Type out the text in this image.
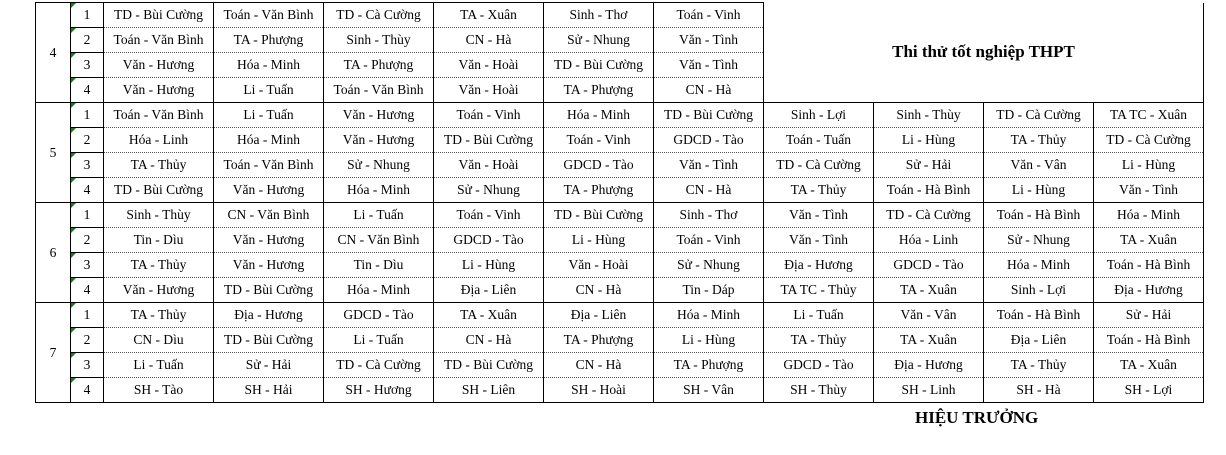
4	1	TD - Bùi Cường	Toán - Văn Bình	TD - Cà Cường	TA - Xuân	Sinh - Thơ	Toán - Vinh	Thi thử tốt nghiệp THPT			

2	Toán - Văn Bình	TA - Phượng	Sinh - Thùy	CN - Hà	Sử - Nhung	Văn - Tình				

3	Văn - Hương	Hóa - Minh	TA - Phượng	Văn - Hoài	TD - Bùi Cường	Văn - Tình				

4	Văn - Hương	Li - Tuấn	Toán - Văn Bình	Văn - Hoài	TA - Phượng	CN - Hà				
5	1	Toán - Văn Bình	Li - Tuấn	Văn - Hương	Toán - Vinh	Hóa - Minh	TD - Bùi Cường	Sinh - Lợi	Sinh - Thùy	TD - Cà Cường	TA TC - Xuân

2	Hóa - Linh	Hóa - Minh	Văn - Hương	TD - Bùi Cường	Toán - Vinh	GDCD - Tào	Toán - Tuấn	Li - Hùng	TA - Thủy	TD - Cà Cường

3	TA - Thủy	Toán - Văn Bình	Sử - Nhung	Văn - Hoài	GDCD - Tào	Văn - Tình	TD - Cà Cường	Sử - Hải	Văn - Vân	Li - Hùng

4	TD - Bùi Cường	Văn - Hương	Hóa - Minh	Sử - Nhung	TA - Phượng	CN - Hà	TA - Thủy	Toán - Hà Bình	Li - Hùng	Văn - Tình
6	1	Sinh - Thùy	CN - Văn Bình	Li - Tuấn	Toán - Vinh	TD - Bùi Cường	Sinh - Thơ	Văn - Tình	TD - Cà Cường	Toán - Hà Bình	Hóa - Minh

2	Tin - Dìu	Văn - Hương	CN - Văn Bình	GDCD - Tào	Li - Hùng	Toán - Vinh	Văn - Tình	Hóa - Linh	Sử - Nhung	TA - Xuân

3	TA - Thủy	Văn - Hương	Tin - Dìu	Li - Hùng	Văn - Hoài	Sử - Nhung	Địa - Hương	GDCD - Tào	Hóa - Minh	Toán - Hà Bình

4	Văn - Hương	TD - Bùi Cường	Hóa - Minh	Địa - Liên	CN - Hà	Tin - Dáp	TA TC - Thủy	TA - Xuân	Sinh - Lợi	Địa - Hương
7	1	TA - Thủy	Địa - Hương	GDCD - Tào	TA - Xuân	Địa - Liên	Hóa - Minh	Li - Tuấn	Văn - Vân	Toán - Hà Bình	Sử - Hải

2	CN - Dìu	TD - Bùi Cường	Li - Tuấn	CN - Hà	TA - Phượng	Li - Hùng	TA - Thủy	TA - Xuân	Địa - Liên	Toán - Hà Bình

3	Li - Tuấn	Sử - Hải	TD - Cà Cường	TD - Bùi Cường	CN - Hà	TA - Phượng	GDCD - Tào	Địa - Hương	TA - Thủy	TA - Xuân

4	SH - Tào	SH - Hải	SH - Hương	SH - Liên	SH - Hoài	SH - Vân	SH - Thùy	SH - Linh	SH - Hà	SH - Lợi
HIỆU TRƯỞNG
